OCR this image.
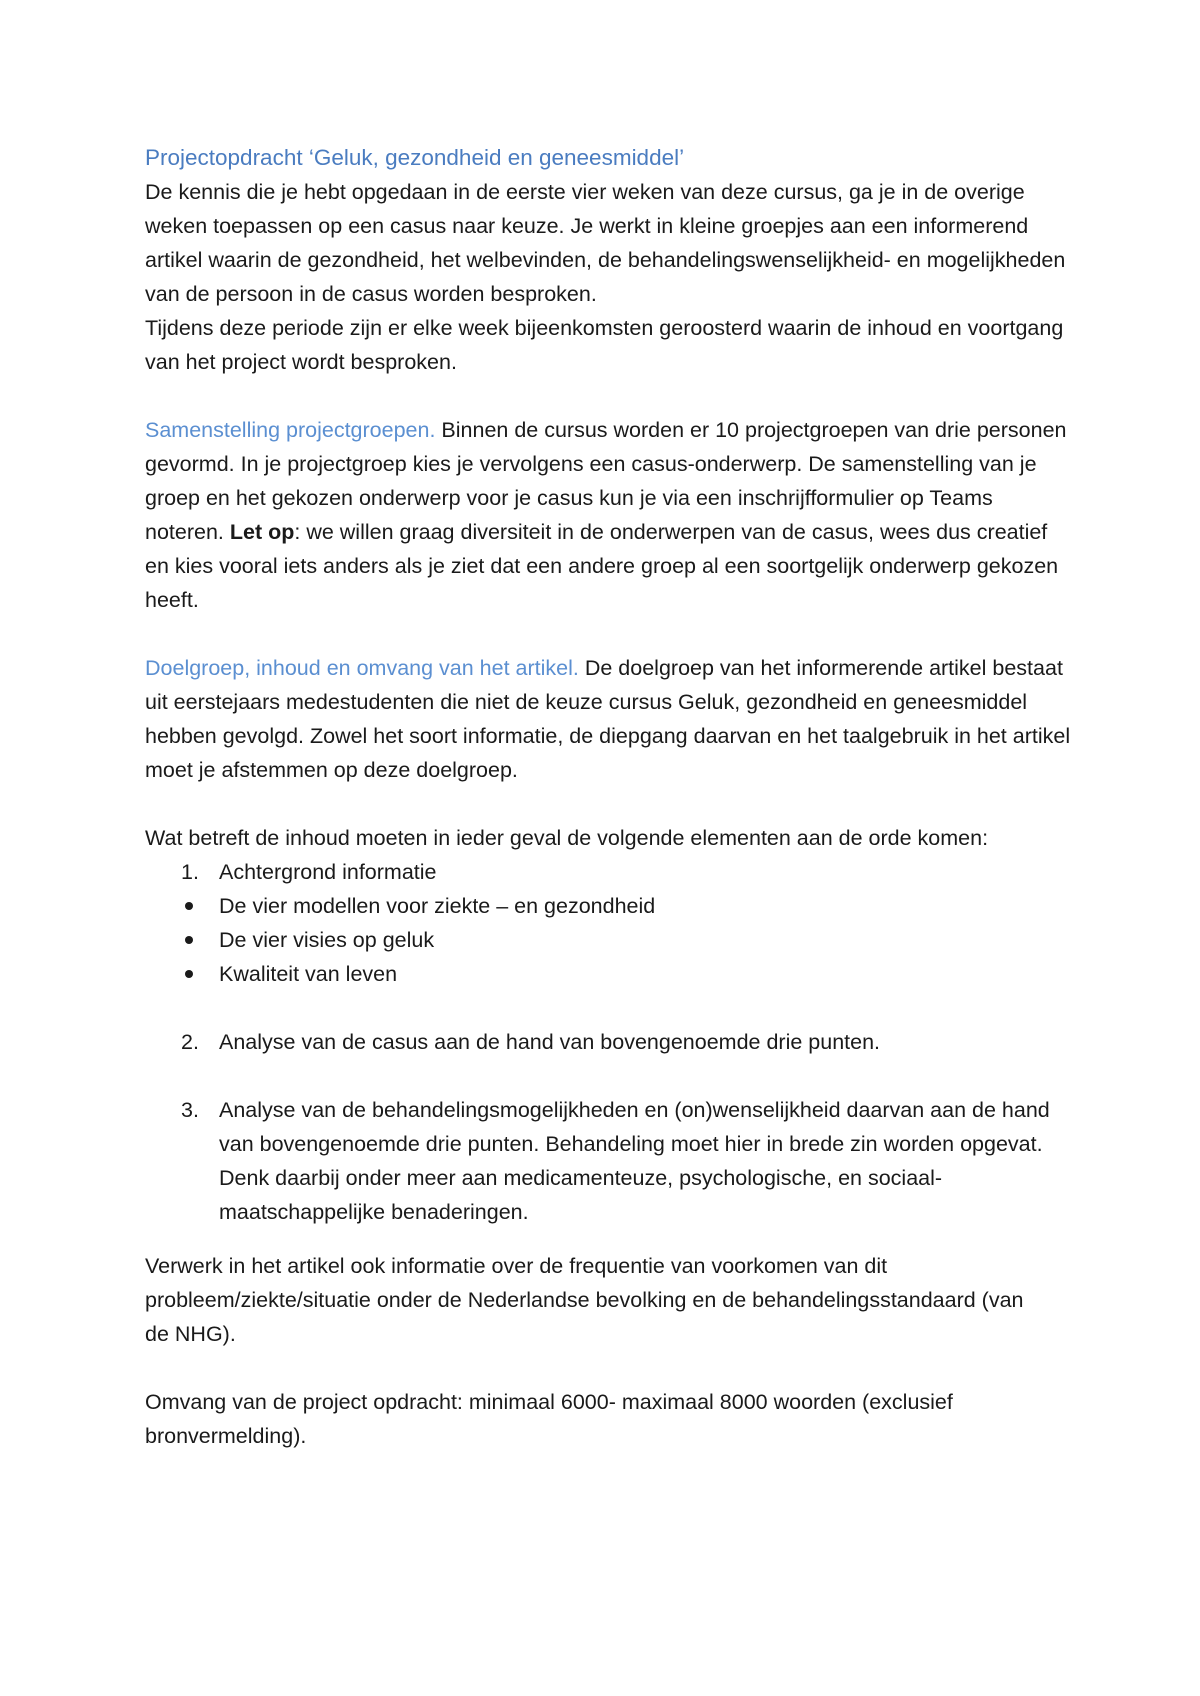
Projectopdracht ‘Geluk, gezondheid en geneesmiddel’

De kennis die je hebt opgedaan in de eerste vier weken van deze cursus, ga je in de overige weken toepassen op een casus naar keuze. Je werkt in kleine groepjes aan een informerend artikel waarin de gezondheid, het welbevinden, de behandelingswenselijkheid- en mogelijkheden van de persoon in de casus worden besproken.

Tijdens deze periode zijn er elke week bijeenkomsten geroosterd waarin de inhoud en voortgang van het project wordt besproken.

Samenstelling projectgroepen. Binnen de cursus worden er 10 projectgroepen van drie personen gevormd. In je projectgroep kies je vervolgens een casus-onderwerp. De samenstelling van je groep en het gekozen onderwerp voor je casus kun je via een inschrijfformulier op Teams noteren. Let op: we willen graag diversiteit in de onderwerpen van de casus, wees dus creatief en kies vooral iets anders als je ziet dat een andere groep al een soortgelijk onderwerp gekozen heeft.

Doelgroep, inhoud en omvang van het artikel. De doelgroep van het informerende artikel bestaat uit eerstejaars medestudenten die niet de keuze cursus Geluk, gezondheid en geneesmiddel hebben gevolgd. Zowel het soort informatie, de diepgang daarvan en het taalgebruik in het artikel moet je afstemmen op deze doelgroep.

Wat betreft de inhoud moeten in ieder geval de volgende elementen aan de orde komen:

1. Achtergrond informatie
De vier modellen voor ziekte – en gezondheid
De vier visies op geluk
Kwaliteit van leven
2. Analyse van de casus aan de hand van bovengenoemde drie punten.
3. Analyse van de behandelingsmogelijkheden en (on)wenselijkheid daarvan aan de hand van bovengenoemde drie punten. Behandeling moet hier in brede zin worden opgevat. Denk daarbij onder meer aan medicamenteuze, psychologische, en sociaal-maatschappelijke benaderingen.

Verwerk in het artikel ook informatie over de frequentie van voorkomen van dit probleem/ziekte/situatie onder de Nederlandse bevolking en de behandelingsstandaard (van de NHG).

Omvang van de project opdracht: minimaal 6000- maximaal 8000 woorden (exclusief bronvermelding).
